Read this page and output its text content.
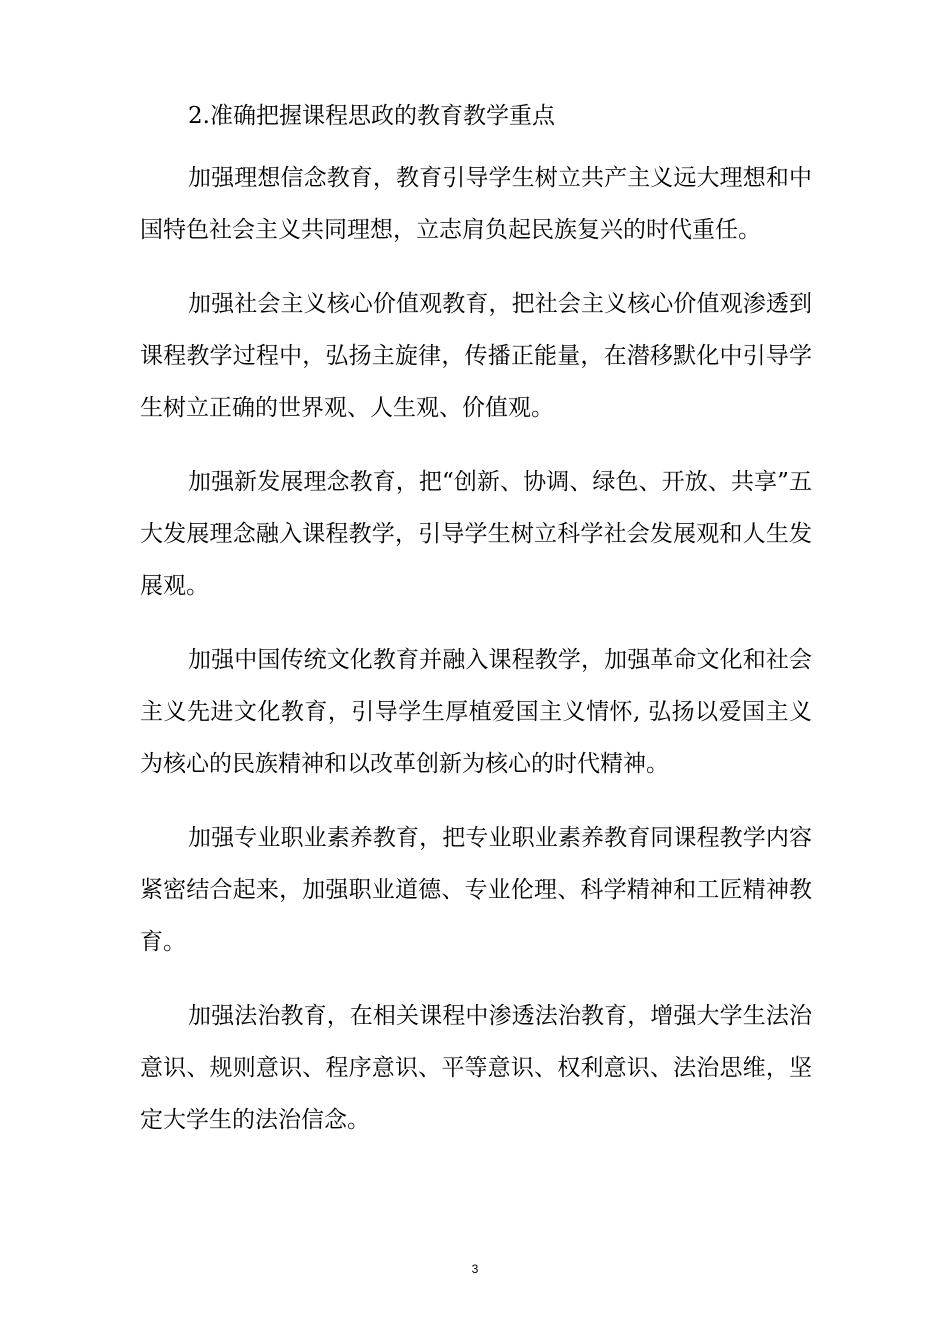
2.准确把握课程思政的教育教学重点

加强理想信念教育，教育引导学生树立共产主义远大理想和中国特色社会主义共同理想，立志肩负起民族复兴的时代重任。

加强社会主义核心价值观教育，把社会主义核心价值观渗透到课程教学过程中，弘扬主旋律，传播正能量，在潜移默化中引导学生树立正确的世界观、人生观、价值观。

加强新发展理念教育，把“创新、协调、绿色、开放、共享”五大发展理念融入课程教学，引导学生树立科学社会发展观和人生发展观。

加强中国传统文化教育并融入课程教学，加强革命文化和社会主义先进文化教育，引导学生厚植爱国主义情怀, 弘扬以爱国主义为核心的民族精神和以改革创新为核心的时代精神。

加强专业职业素养教育，把专业职业素养教育同课程教学内容紧密结合起来，加强职业道德、专业伦理、科学精神和工匠精神教育。

加强法治教育，在相关课程中渗透法治教育，增强大学生法治意识、规则意识、程序意识、平等意识、权利意识、法治思维，坚定大学生的法治信念。

3
